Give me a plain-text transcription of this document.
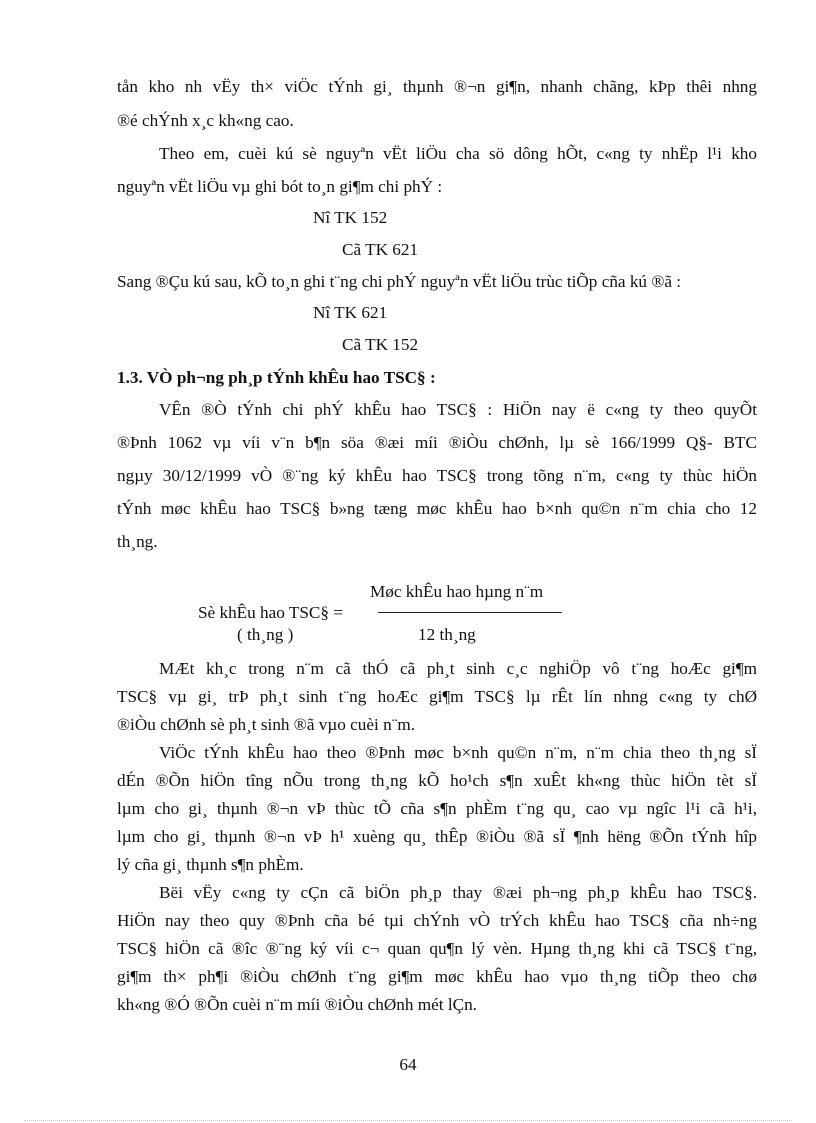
tån kho nh vËy th× viÖc tÝnh gi¸ thµnh ®¬n gi¶n, nhanh chãng, kÞp thêi nhng
®é chÝnh x¸c kh«ng cao.
Theo em, cuèi kú sè nguyªn vËt liÖu cha sö dông hÕt, c«ng ty nhËp l¹i kho
nguyªn vËt liÖu vµ ghi bót to¸n gi¶m chi phÝ :
Nî TK 152
Cã TK 621
Sang ®Çu kú sau, kÕ to¸n ghi t¨ng chi phÝ nguyªn vËt liÖu trùc tiÕp cña kú ®ã :
Nî TK 621
Cã TK 152
1.3. VÒ ph¬ng ph¸p tÝnh khÊu hao TSC§ :
VÊn ®Ò tÝnh chi phÝ khÊu hao TSC§ : HiÖn nay ë c«ng ty theo quyÕt
®Þnh 1062 vµ víi v¨n b¶n söa ®æi míi ®iÒu chØnh, lµ sè 166/1999 Q§- BTC
ngµy 30/12/1999 vÒ ®¨ng ký khÊu hao TSC§ trong tõng n¨m, c«ng ty thùc hiÖn
tÝnh møc khÊu hao TSC§ b»ng tæng møc khÊu hao b×nh qu©n n¨m chia cho 12
th¸ng.
Møc khÊu hao hµng n¨m
Sè khÊu hao TSC§ =
( th¸ng )	12 th¸ng
MÆt kh¸c trong n¨m cã thÓ cã ph¸t sinh c¸c nghiÖp vô t¨ng hoÆc gi¶m
TSC§ vµ gi¸ trÞ ph¸t sinh t¨ng hoÆc gi¶m TSC§ lµ rÊt lín nhng c«ng ty chØ
®iÒu chØnh sè ph¸t sinh ®ã vµo cuèi n¨m.
ViÖc tÝnh khÊu hao theo ®Þnh møc b×nh qu©n n¨m, n¨m chia theo th¸ng sÏ
dÉn ®Õn hiÖn tîng nÕu trong th¸ng kÕ ho¹ch s¶n xuÊt kh«ng thùc hiÖn tèt sÏ
lµm cho gi¸ thµnh ®¬n vÞ thùc tÕ cña s¶n phÈm t¨ng qu¸ cao vµ ngîc l¹i cã h¹i,
lµm cho gi¸ thµnh ®¬n vÞ h¹ xuèng qu¸ thÊp ®iÒu ®ã sÏ ¶nh hëng ®Õn tÝnh hîp
lý cña gi¸ thµnh s¶n phÈm.
Bëi vËy c«ng ty cÇn cã biÖn ph¸p thay ®æi ph¬ng ph¸p khÊu hao TSC§.
HiÖn nay theo quy ®Þnh cña bé tµi chÝnh vÒ trÝch khÊu hao TSC§ cña nh÷ng
TSC§ hiÖn cã ®îc ®¨ng ký víi c¬ quan qu¶n lý vèn. Hµng th¸ng khi cã TSC§ t¨ng,
gi¶m th× ph¶i ®iÒu chØnh t¨ng gi¶m møc khÊu hao vµo th¸ng tiÕp theo chø
kh«ng ®Ó ®Õn cuèi n¨m míi ®iÒu chØnh mét lÇn.
64
